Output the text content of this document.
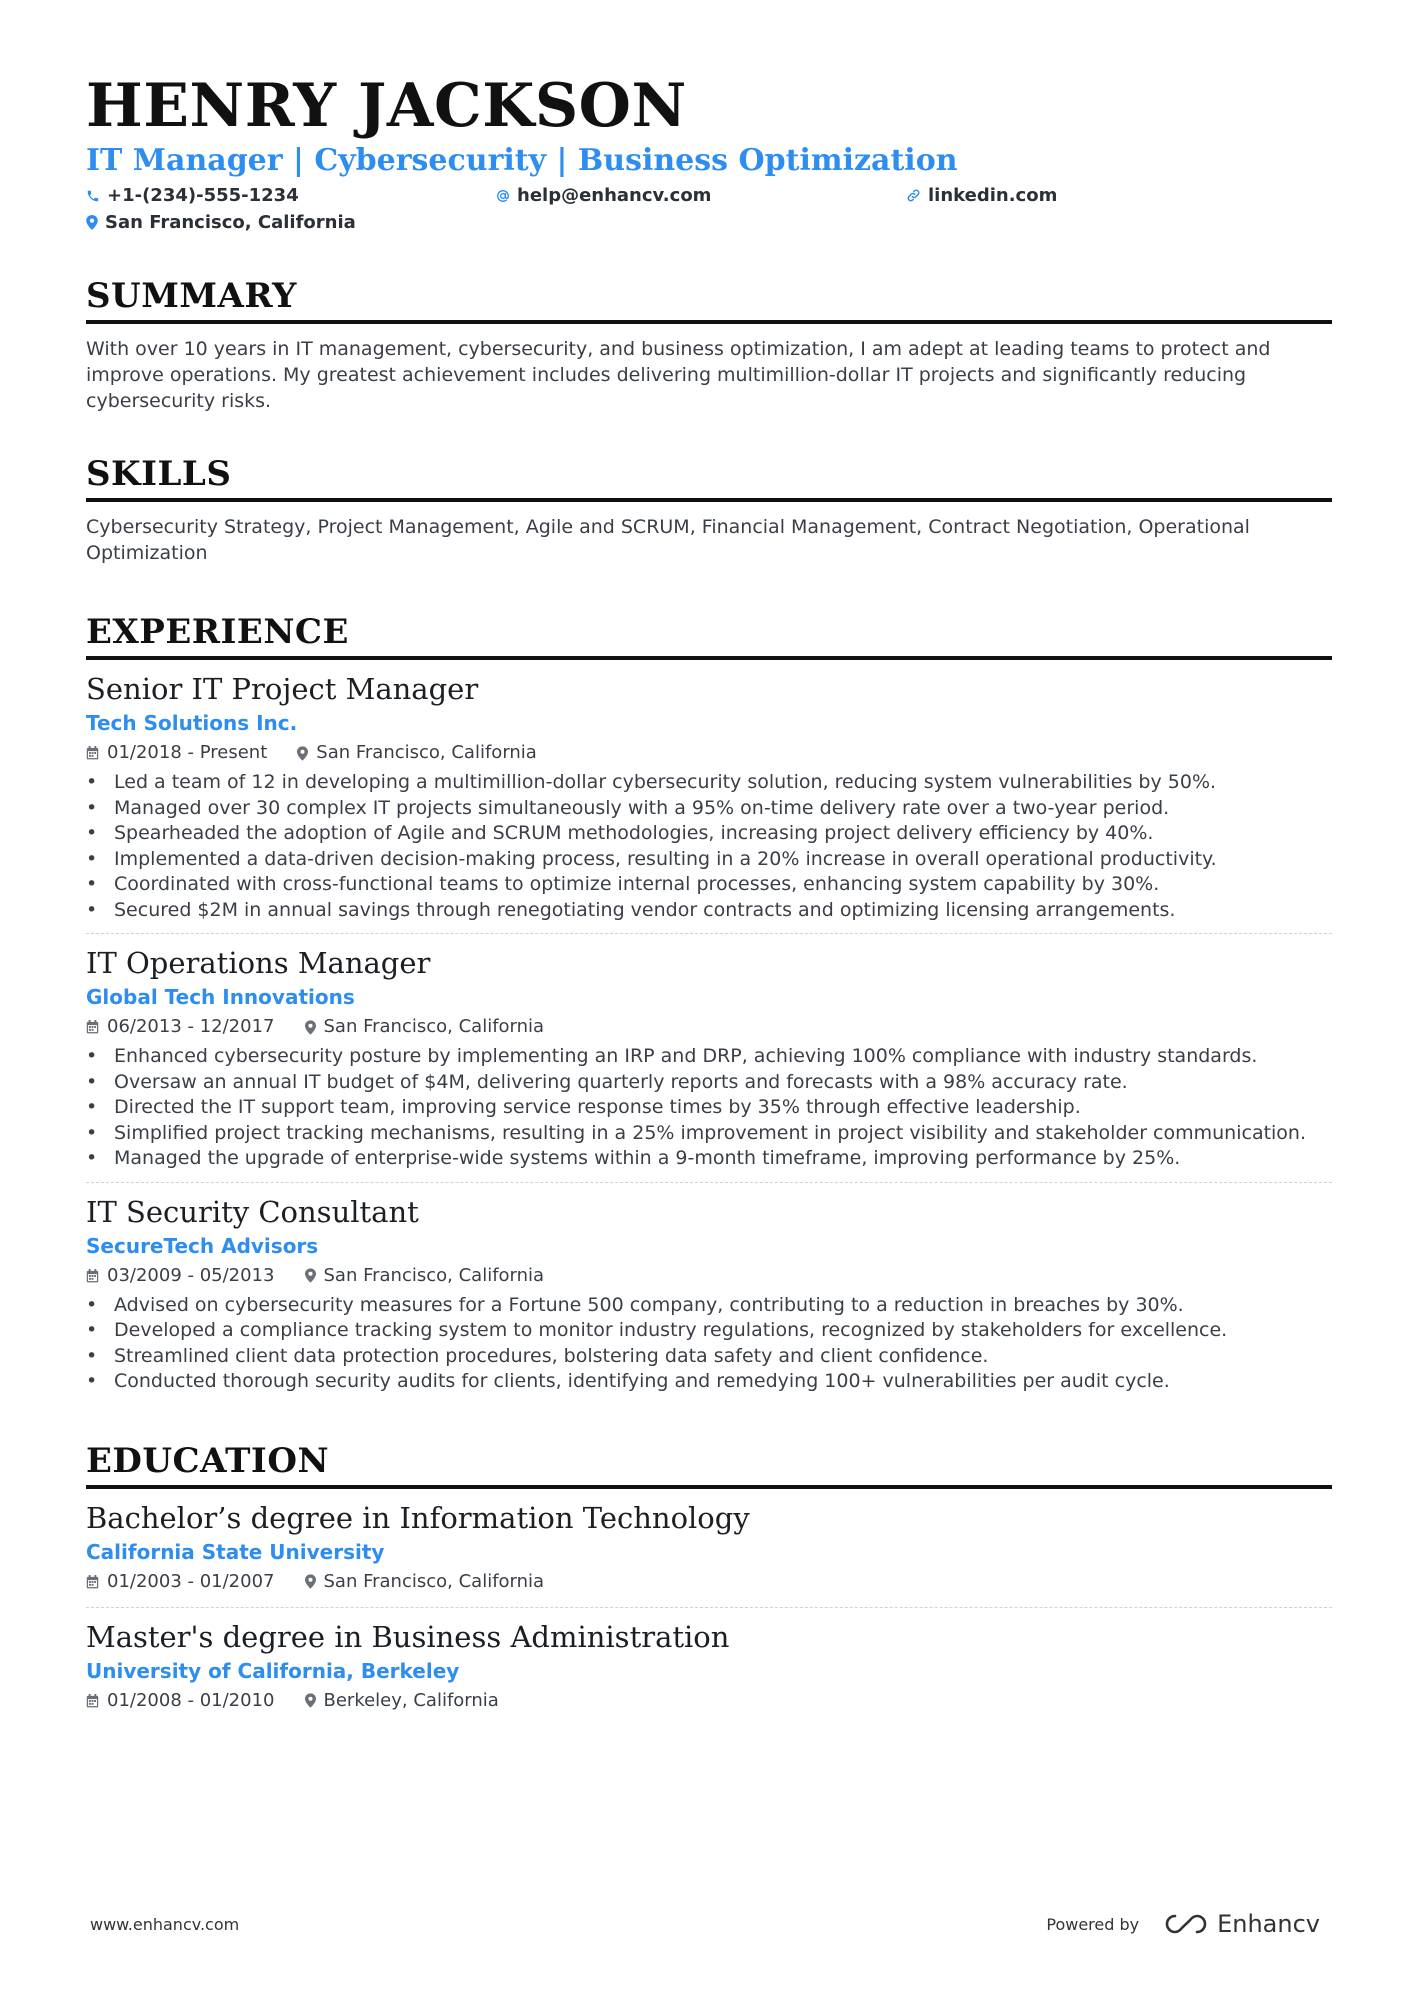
HENRY JACKSON
IT Manager | Cybersecurity | Business Optimization
+1-(234)-555-1234	help@enhancv.com	linkedin.com
San Francisco, California
SUMMARY

With over 10 years in IT management, cybersecurity, and business optimization, I am adept at leading teams to protect and improve operations. My greatest achievement includes delivering multimillion-dollar IT projects and significantly reducing cybersecurity risks.

SKILLS

Cybersecurity Strategy, Project Management, Agile and SCRUM, Financial Management, Contract Negotiation, Operational Optimization

EXPERIENCE
Senior IT Project Manager
Tech Solutions Inc.
01/2018 - Present	San Francisco, California
• Led a team of 12 in developing a multimillion-dollar cybersecurity solution, reducing system vulnerabilities by 50%.
• Managed over 30 complex IT projects simultaneously with a 95% on-time delivery rate over a two-year period.
• Spearheaded the adoption of Agile and SCRUM methodologies, increasing project delivery efficiency by 40%.
• Implemented a data-driven decision-making process, resulting in a 20% increase in overall operational productivity.
• Coordinated with cross-functional teams to optimize internal processes, enhancing system capability by 30%.
• Secured $2M in annual savings through renegotiating vendor contracts and optimizing licensing arrangements.
IT Operations Manager
Global Tech Innovations
06/2013 - 12/2017	San Francisco, California
• Enhanced cybersecurity posture by implementing an IRP and DRP, achieving 100% compliance with industry standards.
• Oversaw an annual IT budget of $4M, delivering quarterly reports and forecasts with a 98% accuracy rate.
• Directed the IT support team, improving service response times by 35% through effective leadership.
• Simplified project tracking mechanisms, resulting in a 25% improvement in project visibility and stakeholder communication.
• Managed the upgrade of enterprise-wide systems within a 9-month timeframe, improving performance by 25%.
IT Security Consultant
SecureTech Advisors
03/2009 - 05/2013	San Francisco, California
• Advised on cybersecurity measures for a Fortune 500 company, contributing to a reduction in breaches by 30%.
• Developed a compliance tracking system to monitor industry regulations, recognized by stakeholders for excellence.
• Streamlined client data protection procedures, bolstering data safety and client confidence.
• Conducted thorough security audits for clients, identifying and remedying 100+ vulnerabilities per audit cycle.
EDUCATION
Bachelor’s degree in Information Technology
California State University
01/2003 - 01/2007	San Francisco, California
Master's degree in Business Administration
University of California, Berkeley
01/2008 - 01/2010	Berkeley, California
www.enhancv.com	Powered by	Enhancv
